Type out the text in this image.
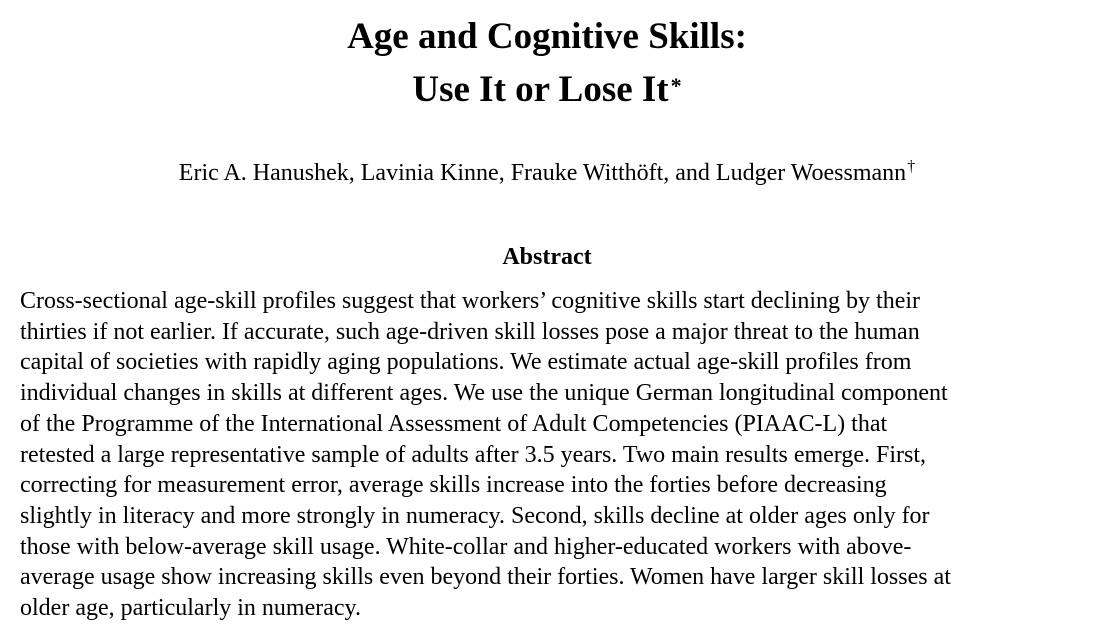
Age and Cognitive Skills:
Use It or Lose It*
Eric A. Hanushek, Lavinia Kinne, Frauke Witthöft, and Ludger Woessmann†
Abstract
Cross-sectional age-skill profiles suggest that workers’ cognitive skills start declining by their
thirties if not earlier. If accurate, such age-driven skill losses pose a major threat to the human
capital of societies with rapidly aging populations. We estimate actual age-skill profiles from
individual changes in skills at different ages. We use the unique German longitudinal component
of the Programme of the International Assessment of Adult Competencies (PIAAC-L) that
retested a large representative sample of adults after 3.5 years. Two main results emerge. First,
correcting for measurement error, average skills increase into the forties before decreasing
slightly in literacy and more strongly in numeracy. Second, skills decline at older ages only for
those with below-average skill usage. White-collar and higher-educated workers with above-
average usage show increasing skills even beyond their forties. Women have larger skill losses at
older age, particularly in numeracy.
